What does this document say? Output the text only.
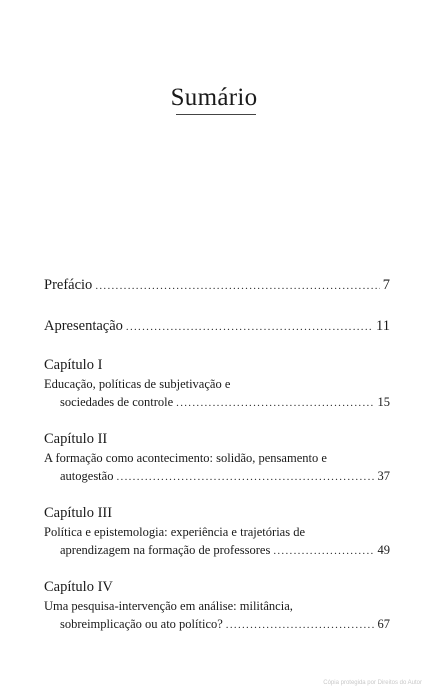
Sumário
Prefácio .....	7
Apresentação .....	11
Capítulo I
Educação, políticas de subjetivação e
sociedades de controle .....	15
Capítulo II
A formação como acontecimento: solidão, pensamento e
autogestão .....	37
Capítulo III
Política e epistemologia: experiência e trajetórias de
aprendizagem na formação de professores .....	49
Capítulo IV
Uma pesquisa-intervenção em análise: militância,
sobreimplicação ou ato político? .....	67
Cópia protegida por Direitos do Autor
